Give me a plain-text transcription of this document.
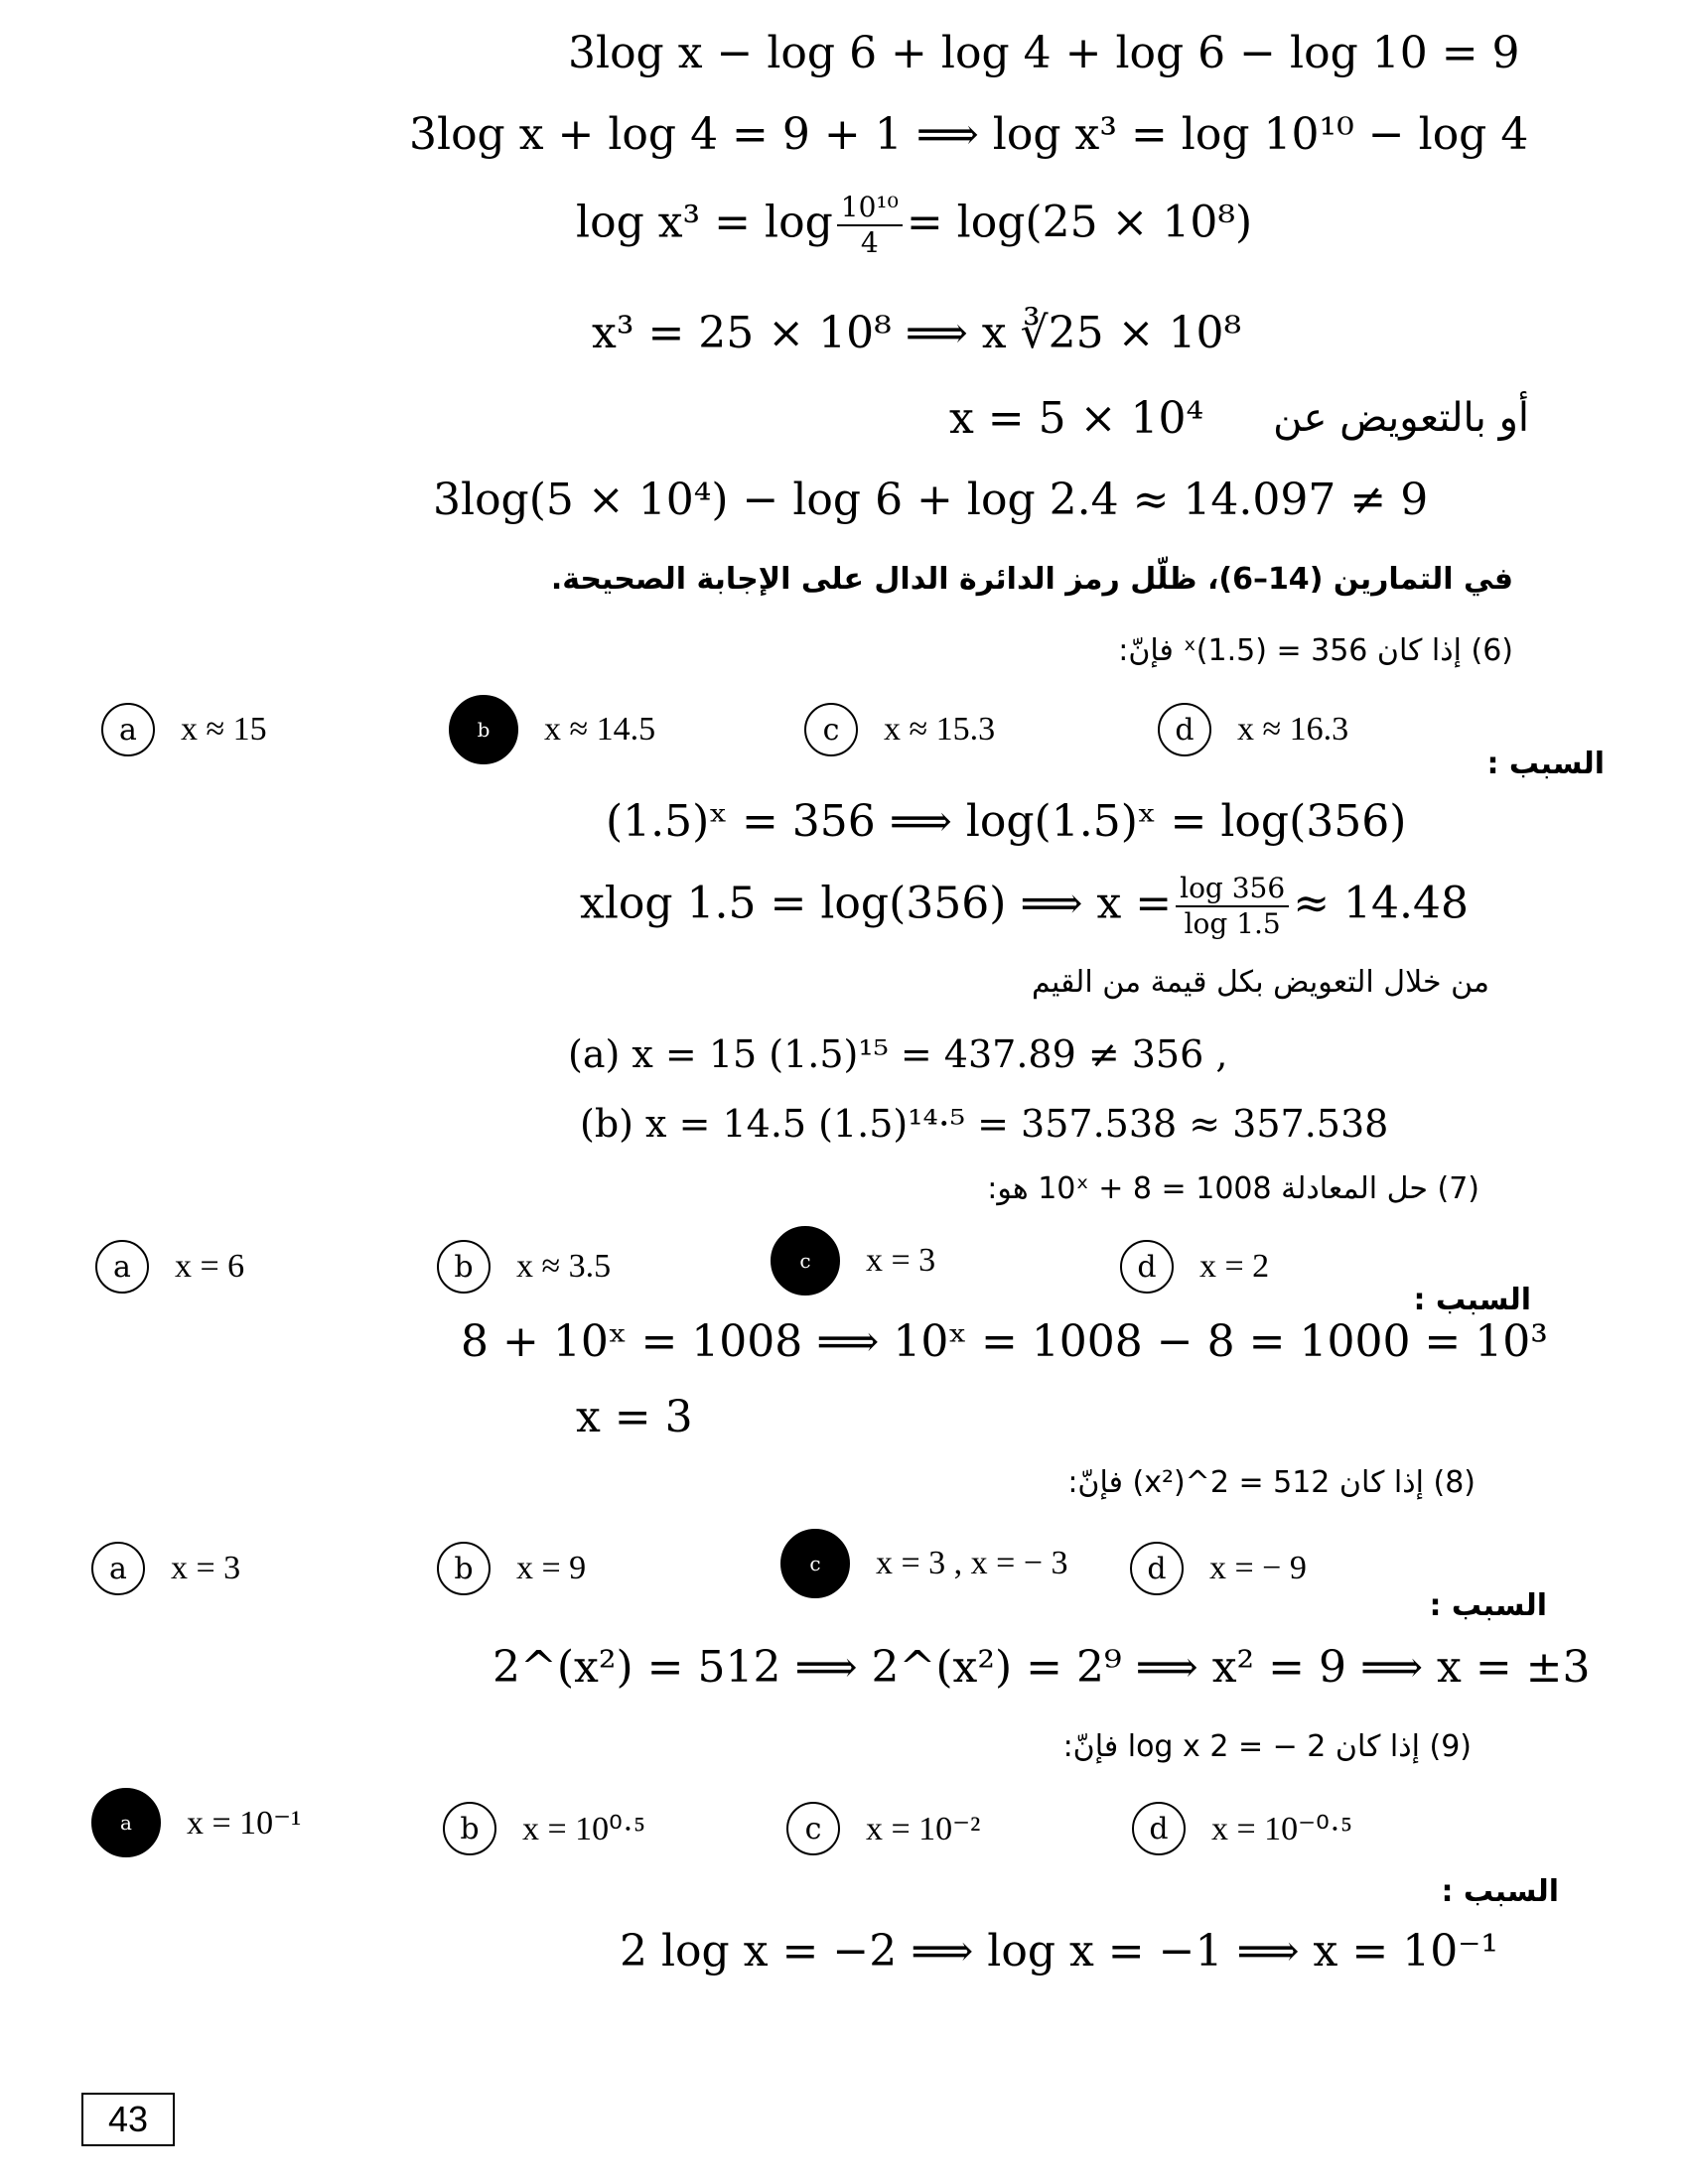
3log x − log 6 + log 4 + log 6 − log 10 = 9
3log x + log 4 = 9 + 1 ⟹ log x³ = log 10¹⁰ − log 4
$\log x^3 = \log \frac{\text{10¹⁰}}{4} = \log(25 \times 10^8)$
x³ = 25 × 10⁸ ⟹ x ∛25 × 10⁸
x = 5 × 10⁴ أو بالتعويض عن
3log(5 × 10⁴) − log 6 + log 2.4 ≈ 14.097 ≠ 9
في التمارين (14–6)، ظلّل رمز الدائرة الدال على الإجابة الصحيحة.
(6) إذا كان 356 = (1.5)ˣ فإنّ:
a	x ≈ 15	b	x ≈ 14.5	c	x ≈ 15.3	d	x ≈ 16.3
السبب :
(1.5)ˣ = 356 ⟹ log(1.5)ˣ = log(356)
xlog 1.5 = log(356) ⟹ $x = \frac{\log 356}{\log 1.5} \approx 14.48$
من خلال التعويض بكل قيمة من القيم
(a) x = 15 (1.5)¹⁵ = 437.89 ≠ 356 ,
(b) x = 14.5 (1.5)¹⁴·⁵ = 357.538 ≈ 357.538
(7) حل المعادلة 1008 = 10ˣ + 8 هو:
a	x = 6	b	x ≈ 3.5	c	x = 3	d	x = 2
السبب :
8 + 10ˣ = 1008 ⟹ 10ˣ = 1008 − 8 = 1000 = 10³
x = 3
(8) إذا كان 512 = 2^(x²) فإنّ:
a	x = 3	b	x = 9	c	x = 3 , x = − 3	d	x = − 9
السبب :
2^(x²) = 512 ⟹ 2^(x²) = 2⁹ ⟹ x² = 9 ⟹ x = ±3
(9) إذا كان 2 − = 2 log x فإنّ:
a	x = 10⁻¹	b	x = 10⁰·⁵	c	x = 10⁻²	d	x = 10⁻⁰·⁵
السبب :
2 log x = −2 ⟹ log x = −1 ⟹ x = 10⁻¹
43
